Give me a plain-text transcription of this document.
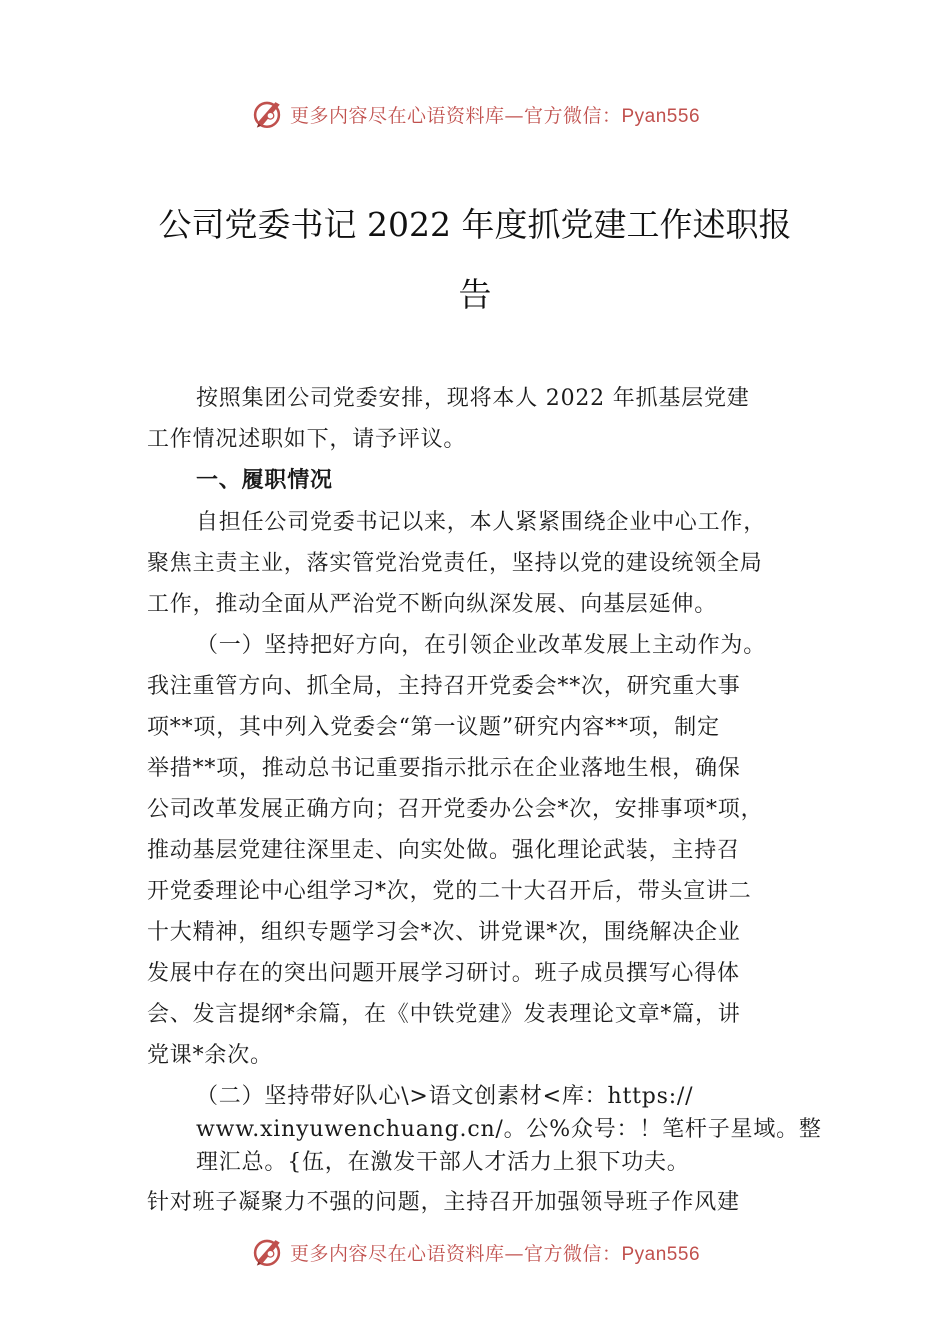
更多内容尽在心语资料库—官方微信：Pyan556
公司党委书记 2022 年度抓党建工作述职报
告
按照集团公司党委安排，现将本人 2022 年抓基层党建
工作情况述职如下，请予评议。
一、履职情况
自担任公司党委书记以来，本人紧紧围绕企业中心工作，
聚焦主责主业，落实管党治党责任，坚持以党的建设统领全局
工作，推动全面从严治党不断向纵深发展、向基层延伸。
（一）坚持把好方向，在引领企业改革发展上主动作为。
我注重管方向、抓全局，主持召开党委会**次，研究重大事
项**项，其中列入党委会“第一议题”研究内容**项，制定
举措**项，推动总书记重要指示批示在企业落地生根，确保
公司改革发展正确方向；召开党委办公会*次，安排事项*项，
推动基层党建往深里走、向实处做。强化理论武装，主持召
开党委理论中心组学习*次，党的二十大召开后，带头宣讲二
十大精神，组织专题学习会*次、讲党课*次，围绕解决企业
发展中存在的突出问题开展学习研讨。班子成员撰写心得体
会、发言提纲*余篇，在《中铁党建》发表理论文章*篇，讲
党课*余次。
（二）坚持带好队心\>语文创素材<库：https://
www.xinyuwenchuang.cn/。公%众号：！笔杆子星域。整
理汇总。{伍，在激发干部人才活力上狠下功夫。
针对班子凝聚力不强的问题，主持召开加强领导班子作风建
更多内容尽在心语资料库—官方微信：Pyan556
